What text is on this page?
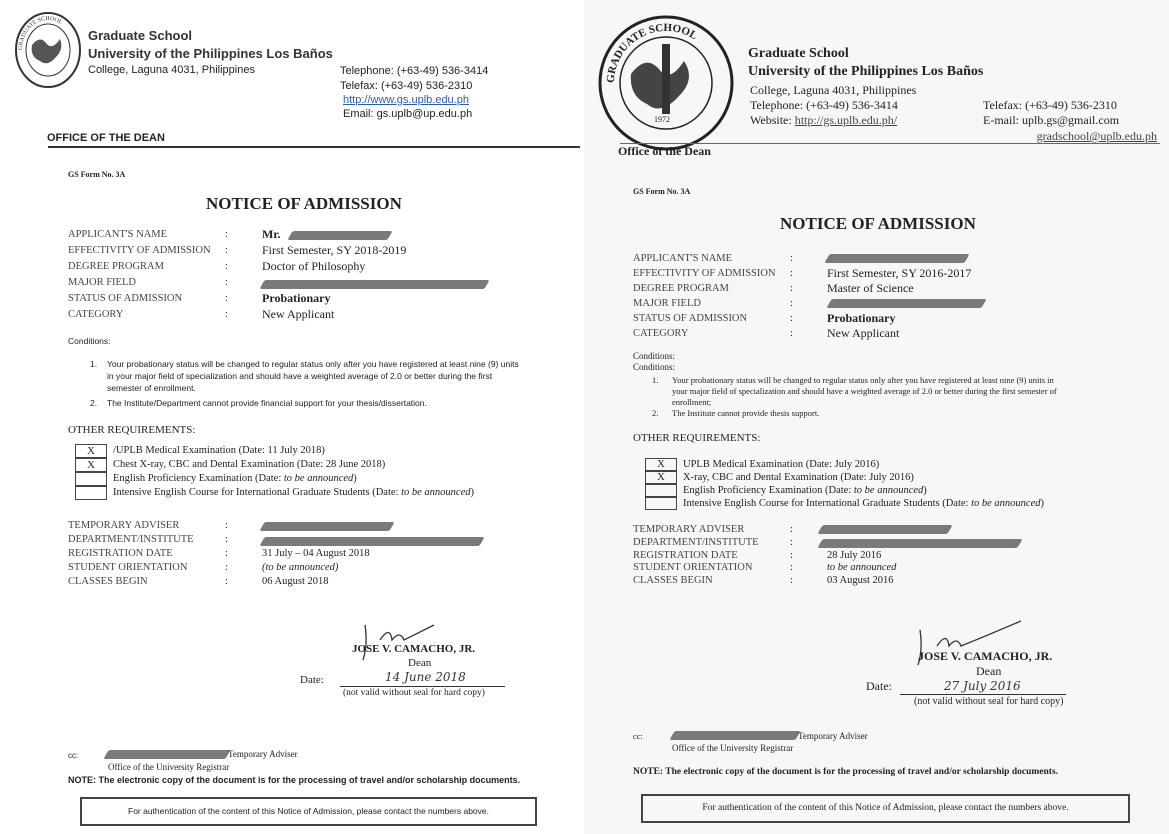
GRADUATE SCHOOL

Graduate School

University of the Philippines Los Baños

College, Laguna 4031, Philippines	Telephone: (+63-49) 536-3414

Telefax: (+63-49) 536-2310

http://www.gs.uplb.edu.ph

Email: gs.uplb@up.edu.ph

OFFICE OF THE DEAN

GS Form No. 3A

NOTICE OF ADMISSION

APPLICANT'S NAME	:	Mr.

EFFECTIVITY OF ADMISSION :	First Semester, SY 2018-2019

DEGREE PROGRAM	:	Doctor of Philosophy

MAJOR FIELD	:

STATUS OF ADMISSION	:	Probationary

CATEGORY	:	New Applicant

Conditions:

1. Your probationary status will be changed to regular status only after you have registered at least nine (9) units

in your major field of specialization and should have a weighted average of 2.0 or better during the first

semester of enrollment.

2. The Institute/Department cannot provide financial support for your thesis/dissertation.

OTHER REQUIREMENTS:

X	/UPLB Medical Examination (Date: 11 July 2018)

X	Chest X-ray, CBC and Dental Examination (Date: 28 June 2018)

English Proficiency Examination (Date: to be announced)

Intensive English Course for International Graduate Students (Date: to be announced)

TEMPORARY ADVISER	:

DEPARTMENT/INSTITUTE	:

REGISTRATION DATE	:	31 July – 04 August 2018

STUDENT ORIENTATION	:	(to be announced)

CLASSES BEGIN	:	06 August 2018

JOSE V. CAMACHO, JR.

Dean

Date:	14 June 2018

(not valid without seal for hard copy)

cc:	Temporary Adviser

Office of the University Registrar

NOTE: The electronic copy of the document is for the processing of travel and/or scholarship documents.

For authentication of the content of this Notice of Admission, please contact the numbers above.

GRADUATE SCHOOL
1972

Graduate School

University of the Philippines Los Baños

College, Laguna 4031, Philippines

Telephone: (+63-49) 536-3414

Website: http://gs.uplb.edu.ph/

Telefax: (+63-49) 536-2310

E-mail: uplb.gs@gmail.com

gradschool@uplb.edu.ph

Office of the Dean

GS Form No. 3A

NOTICE OF ADMISSION

APPLICANT'S NAME	:

EFFECTIVITY OF ADMISSION :	First Semester, SY 2016-2017

DEGREE PROGRAM	:	Master of Science

MAJOR FIELD	:

STATUS OF ADMISSION	:	Probationary

CATEGORY	:	New Applicant

Conditions:

Conditions:

1. Your probationary status will be changed to regular status only after you have registered at least nine (9) units in

your major field of specialization and should have a weighted average of 2.0 or better during the first semester of

enrollment;

2. The Institute cannot provide thesis support.

OTHER REQUIREMENTS:

X	UPLB Medical Examination (Date: July 2016)

X	X-ray, CBC and Dental Examination (Date: July 2016)

English Proficiency Examination (Date: to be announced)

Intensive English Course for International Graduate Students (Date: to be announced)

TEMPORARY ADVISER	:

DEPARTMENT/INSTITUTE	:

REGISTRATION DATE	:	28 July 2016

STUDENT ORIENTATION	:	to be announced

CLASSES BEGIN	:	03 August 2016

JOSE V. CAMACHO, JR.

Dean

Date:	27 July 2016

(not valid without seal for hard copy)

cc:	Temporary Adviser

Office of the University Registrar

NOTE: The electronic copy of the document is for the processing of travel and/or scholarship documents.

For authentication of the content of this Notice of Admission, please contact the numbers above.
